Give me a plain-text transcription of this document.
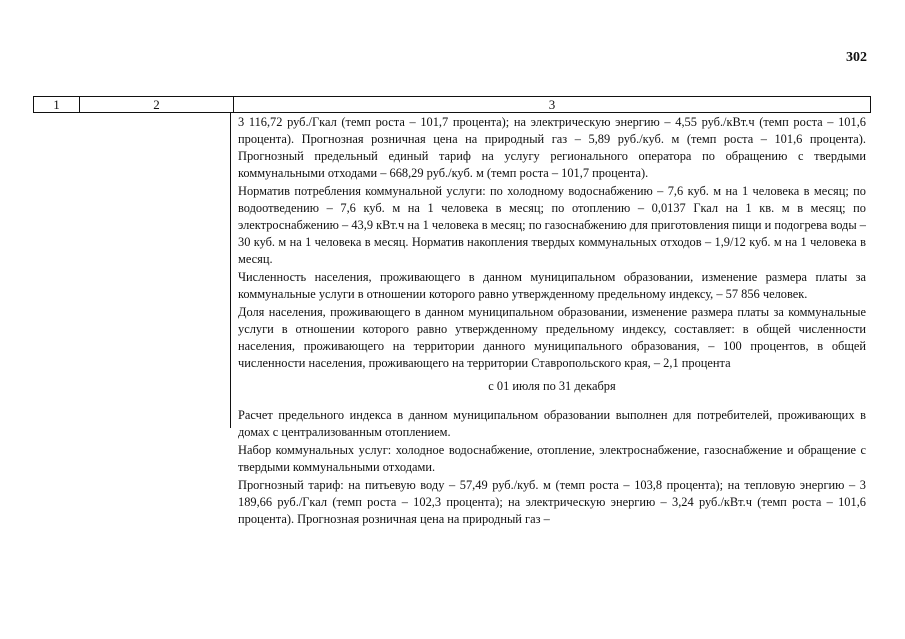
302
1	2	3

3 116,72 руб./Гкал (темп роста – 101,7 процента); на электрическую энергию – 4,55 руб./кВт.ч (темп роста – 101,6 процента). Прогнозная розничная цена на природный газ – 5,89 руб./куб. м (темп роста – 101,6 процента). Прогнозный предельный единый тариф на услугу регионального оператора по обращению с твердыми коммунальными отходами – 668,29 руб./куб. м (темп роста – 101,7 процента).

Норматив потребления коммунальной услуги: по холодному водоснабжению – 7,6 куб. м на 1 человека в месяц; по водоотведению – 7,6 куб. м на 1 человека в месяц; по отоплению – 0,0137 Гкал на 1 кв. м в месяц; по электроснабжению – 43,9 кВт.ч на 1 человека в месяц; по газоснабжению для приготовления пищи и подогрева воды – 30 куб. м на 1 человека в месяц. Норматив накопления твердых коммунальных отходов – 1,9/12 куб. м на 1 человека в месяц.

Численность населения, проживающего в данном муниципальном образовании, изменение размера платы за коммунальные услуги в отношении которого равно утвержденному предельному индексу, – 57 856 человек.

Доля населения, проживающего в данном муниципальном образовании, изменение размера платы за коммунальные услуги в отношении которого равно утвержденному предельному индексу, составляет: в общей численности населения, проживающего на территории данного муниципального образования, – 100 процентов, в общей численности населения, проживающего на территории Ставропольского края, – 2,1 процента

с 01 июля по 31 декабря

Расчет предельного индекса в данном муниципальном образовании выполнен для потребителей, проживающих в домах с централизованным отоплением.

Набор коммунальных услуг: холодное водоснабжение, отопление, электроснабжение, газоснабжение и обращение с твердыми коммунальными отходами.

Прогнозный тариф: на питьевую воду – 57,49 руб./куб. м (темп роста – 103,8 процента); на тепловую энергию – 3 189,66 руб./Гкал (темп роста – 102,3 процента); на электрическую энергию – 3,24 руб./кВт.ч (темп роста – 101,6 процента). Прогнозная розничная цена на природный газ –
